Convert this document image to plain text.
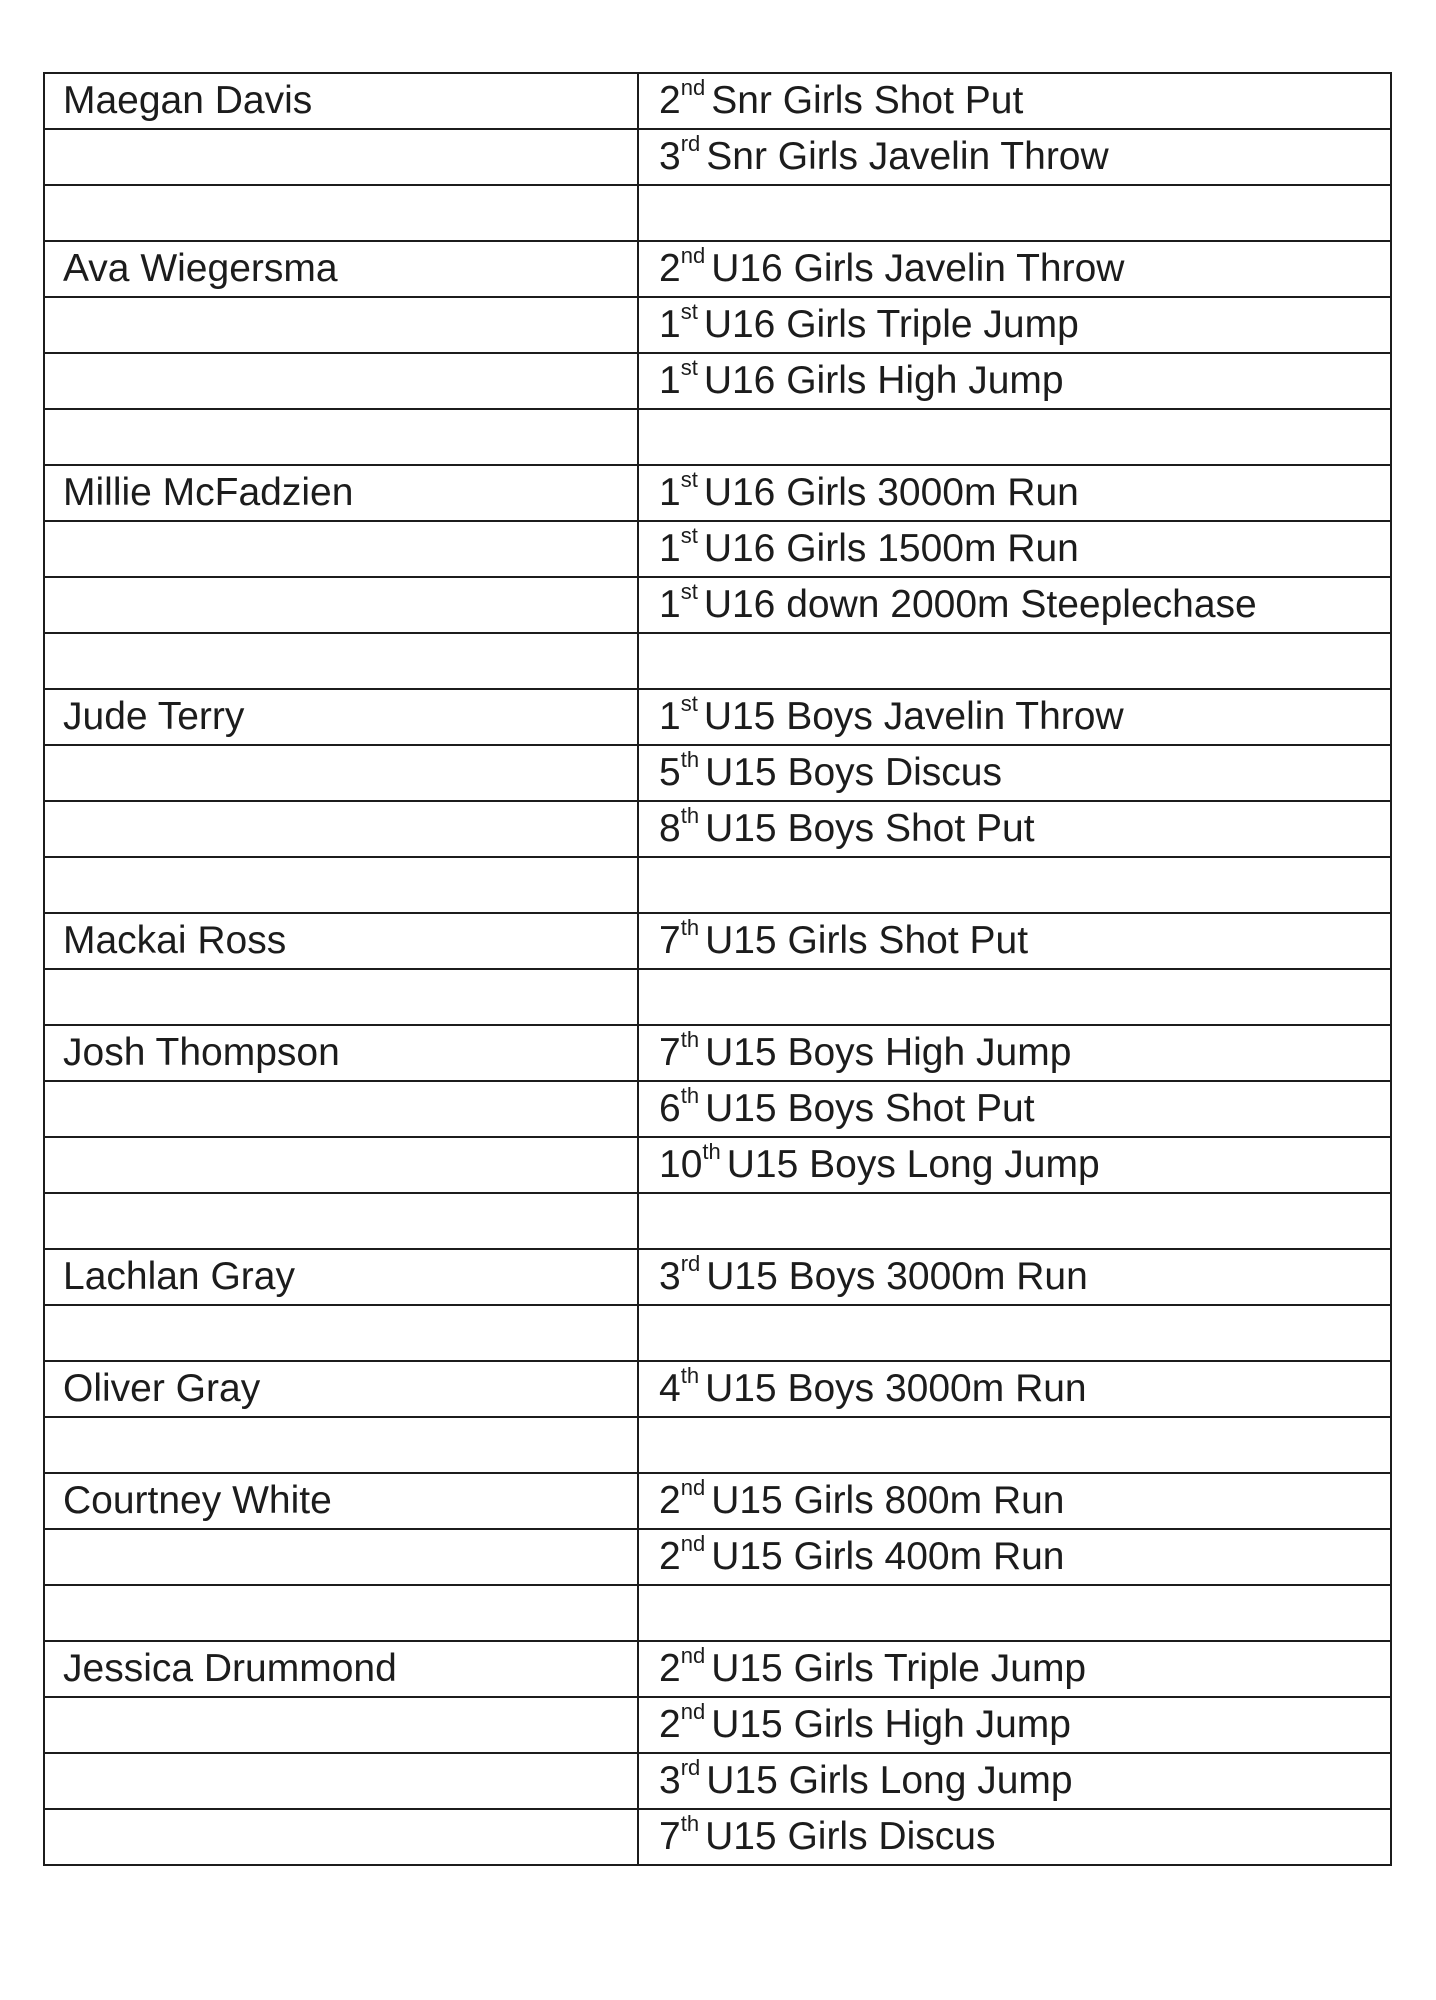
Maegan Davis	2nd Snr Girls Shot Put
	3rd Snr Girls Javelin Throw

Ava Wiegersma	2nd U16 Girls Javelin Throw
	1st U16 Girls Triple Jump
	1st U16 Girls High Jump

Millie McFadzien	1st U16 Girls 3000m Run
	1st U16 Girls 1500m Run
	1st U16 down 2000m Steeplechase

Jude Terry	1st U15 Boys Javelin Throw
	5th U15 Boys Discus
	8th U15 Boys Shot Put

Mackai Ross	7th U15 Girls Shot Put

Josh Thompson	7th U15 Boys High Jump
	6th U15 Boys Shot Put
	10th U15 Boys Long Jump

Lachlan Gray	3rd U15 Boys 3000m Run

Oliver Gray	4th U15 Boys 3000m Run

Courtney White	2nd U15 Girls 800m Run
	2nd U15 Girls 400m Run

Jessica Drummond	2nd U15 Girls Triple Jump
	2nd U15 Girls High Jump
	3rd U15 Girls Long Jump
	7th U15 Girls Discus
